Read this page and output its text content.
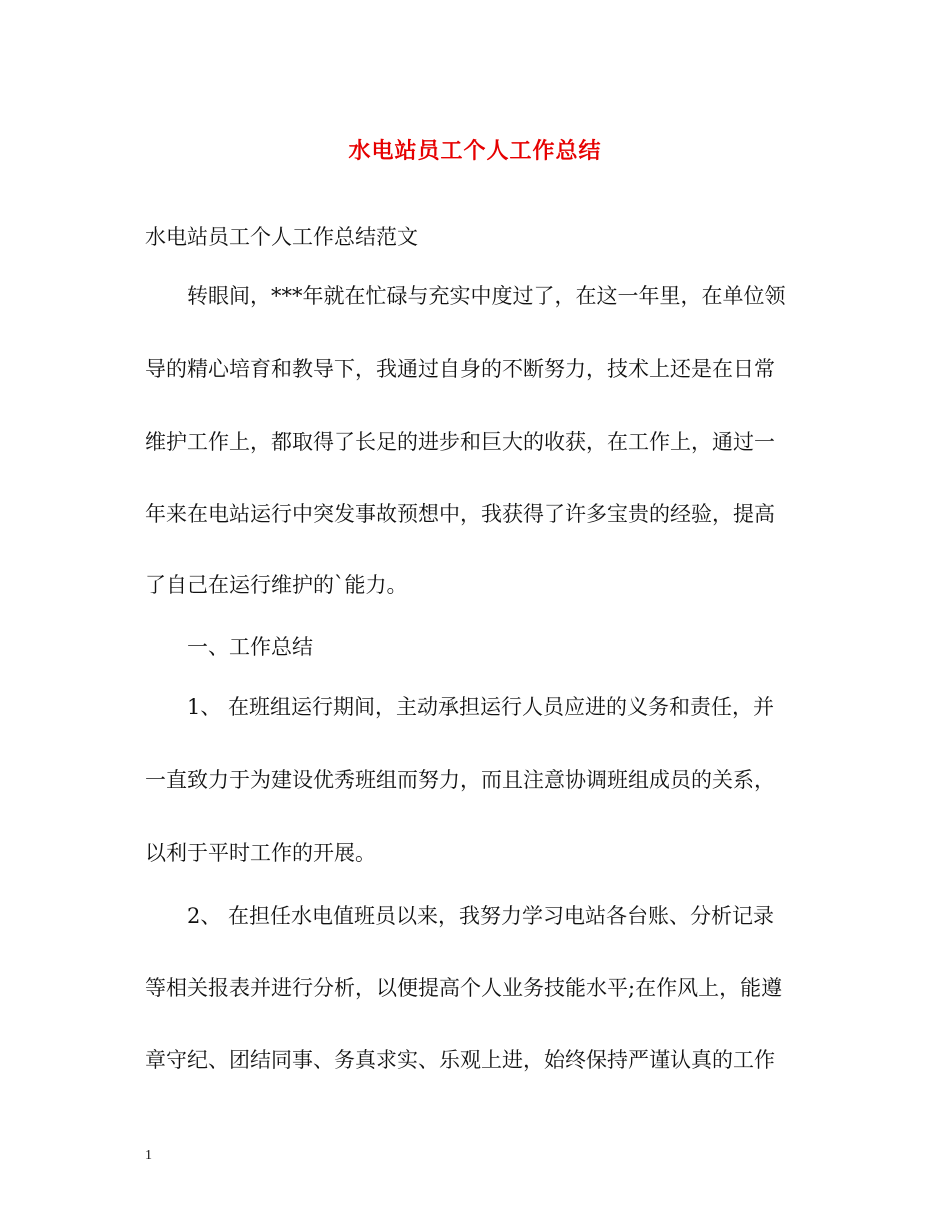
水电站员工个人工作总结
水电站员工个人工作总结范文
转眼间，***年就在忙碌与充实中度过了，在这一年里，在单位领
导的精心培育和教导下，我通过自身的不断努力，技术上还是在日常
维护工作上，都取得了长足的进步和巨大的收获，在工作上，通过一
年来在电站运行中突发事故预想中，我获得了许多宝贵的经验，提高
了自己在运行维护的`能力。
一、工作总结
1、 在班组运行期间，主动承担运行人员应进的义务和责任，并
一直致力于为建设优秀班组而努力，而且注意协调班组成员的关系，
以利于平时工作的开展。
2、 在担任水电值班员以来，我努力学习电站各台账、分析记录
等相关报表并进行分析，以便提高个人业务技能水平;在作风上，能遵
章守纪、团结同事、务真求实、乐观上进，始终保持严谨认真的工作
1
